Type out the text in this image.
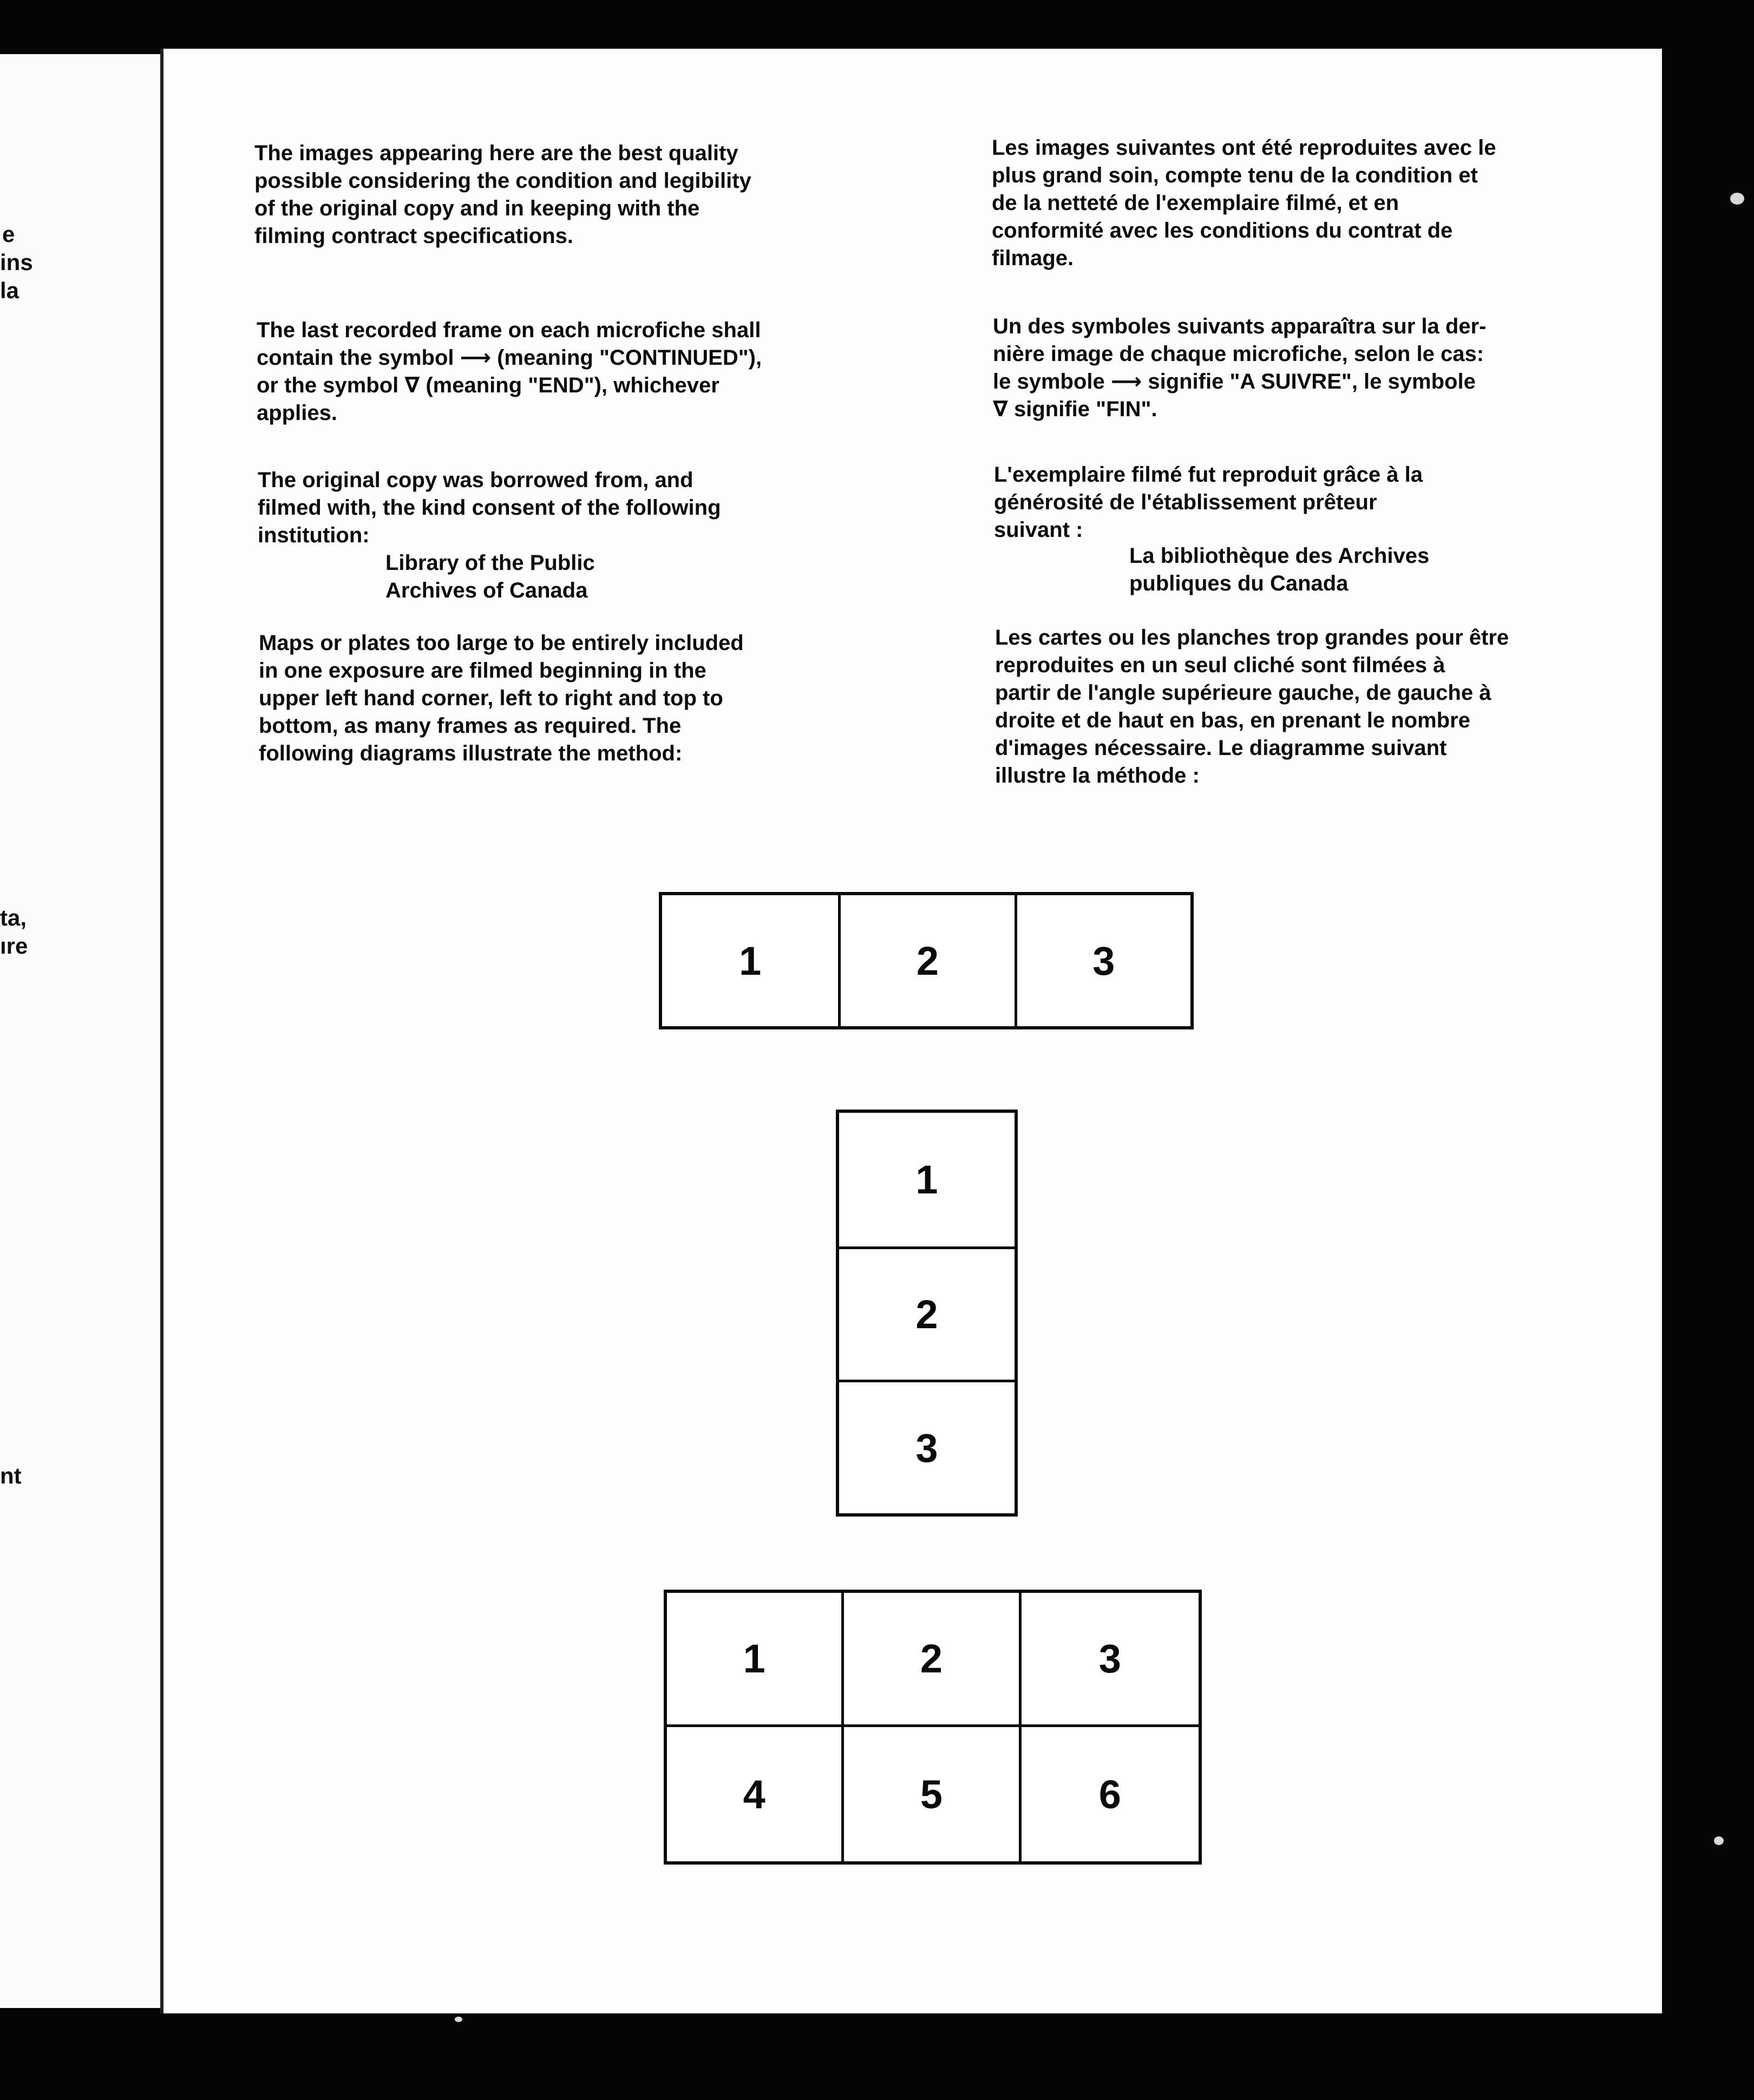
e
ins
la
ta,
ıre
nt

The images appearing here are the best quality
possible considering the condition and legibility
of the original copy and in keeping with the
filming contract specifications.

The last recorded frame on each microfiche shall
contain the symbol ⟶ (meaning "CONTINUED"),
or the symbol ∇ (meaning "END"), whichever
applies.

The original copy was borrowed from, and
filmed with, the kind consent of the following
institution:

Library of the Public
Archives of Canada

Maps or plates too large to be entirely included
in one exposure are filmed beginning in the
upper left hand corner, left to right and top to
bottom, as many frames as required. The
following diagrams illustrate the method:

Les images suivantes ont été reproduites avec le
plus grand soin, compte tenu de la condition et
de la netteté de l'exemplaire filmé, et en
conformité avec les conditions du contrat de
filmage.

Un des symboles suivants apparaîtra sur la der-
nière image de chaque microfiche, selon le cas:
le symbole ⟶ signifie "A SUIVRE", le symbole
∇ signifie "FIN".

L'exemplaire filmé fut reproduit grâce à la
générosité de l'établissement prêteur
suivant :

La bibliothèque des Archives
publiques du Canada

Les cartes ou les planches trop grandes pour être
reproduites en un seul cliché sont filmées à
partir de l'angle supérieure gauche, de gauche à
droite et de haut en bas, en prenant le nombre
d'images nécessaire. Le diagramme suivant
illustre la méthode :

1	2	3
1
2
3
1	2	3
4	5	6
